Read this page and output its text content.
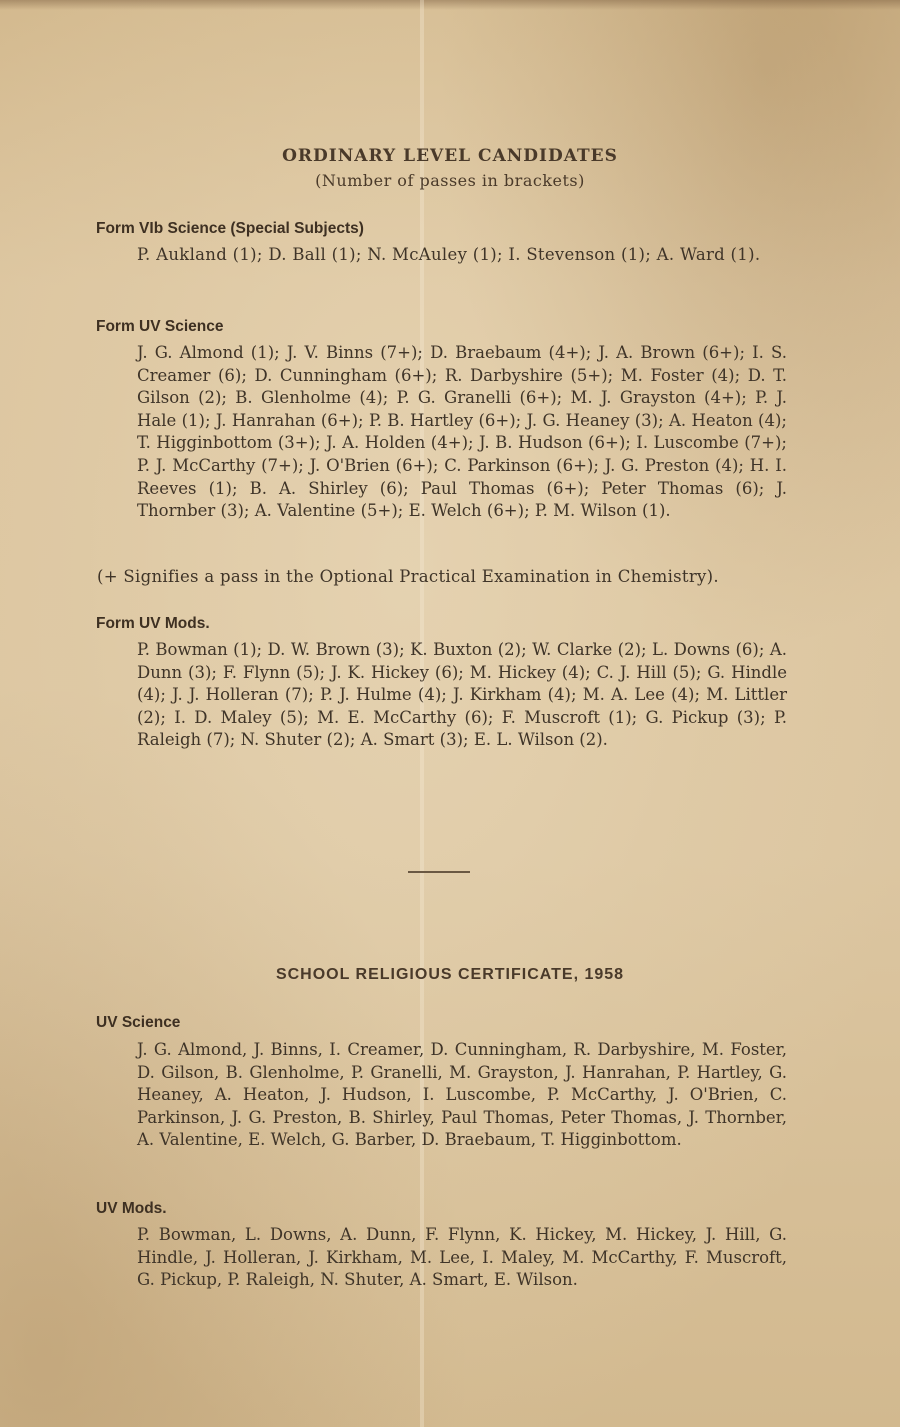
ORDINARY LEVEL CANDIDATES
(Number of passes in brackets)
Form VIb Science (Special Subjects)

P. Aukland (1); D. Ball (1); N. McAuley (1); I. Stevenson (1); A. Ward (1).

Form UV Science

J. G. Almond (1); J. V. Binns (7+); D. Braebaum (4+); J. A. Brown (6+); I. S. Creamer (6); D. Cunningham (6+); R. Darbyshire (5+); M. Foster (4); D. T. Gilson (2); B. Glenholme (4); P. G. Granelli (6+); M. J. Grayston (4+); P. J. Hale (1); J. Hanrahan (6+); P. B. Hartley (6+); J. G. Heaney (3); A. Heaton (4); T. Higginbottom (3+); J. A. Holden (4+); J. B. Hudson (6+); I. Luscombe (7+); P. J. McCarthy (7+); J. O'Brien (6+); C. Parkinson (6+); J. G. Preston (4); H. I. Reeves (1); B. A. Shirley (6); Paul Thomas (6+); Peter Thomas (6); J. Thornber (3); A. Valentine (5+); E. Welch (6+); P. M. Wilson (1).

(+ Signifies a pass in the Optional Practical Examination in Chemistry).
Form UV Mods.

P. Bowman (1); D. W. Brown (3); K. Buxton (2); W. Clarke (2); L. Downs (6); A. Dunn (3); F. Flynn (5); J. K. Hickey (6); M. Hickey (4); C. J. Hill (5); G. Hindle (4); J. J. Holleran (7); P. J. Hulme (4); J. Kirkham (4); M. A. Lee (4); M. Littler (2); I. D. Maley (5); M. E. McCarthy (6); F. Muscroft (1); G. Pickup (3); P. Raleigh (7); N. Shuter (2); A. Smart (3); E. L. Wilson (2).

SCHOOL RELIGIOUS CERTIFICATE, 1958
UV Science

J. G. Almond, J. Binns, I. Creamer, D. Cunningham, R. Darbyshire, M. Foster, D. Gilson, B. Glenholme, P. Granelli, M. Grayston, J. Hanrahan, P. Hartley, G. Heaney, A. Heaton, J. Hudson, I. Luscombe, P. McCarthy, J. O'Brien, C. Parkinson, J. G. Preston, B. Shirley, Paul Thomas, Peter Thomas, J. Thornber, A. Valentine, E. Welch, G. Barber, D. Braebaum, T. Higginbottom.

UV Mods.

P. Bowman, L. Downs, A. Dunn, F. Flynn, K. Hickey, M. Hickey, J. Hill, G. Hindle, J. Holleran, J. Kirkham, M. Lee, I. Maley, M. McCarthy, F. Muscroft, G. Pickup, P. Raleigh, N. Shuter, A. Smart, E. Wilson.
